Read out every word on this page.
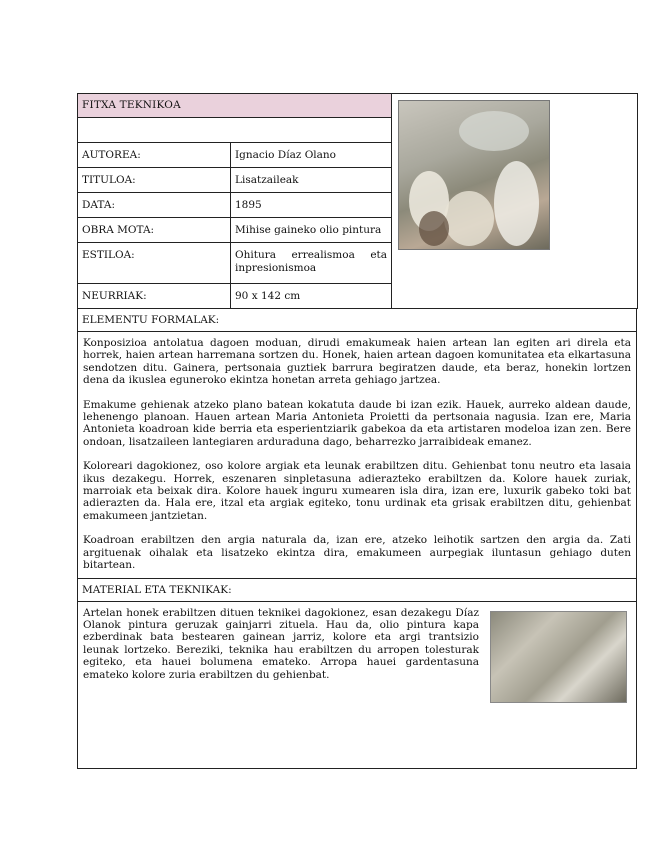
FITXA TEKNIKOA		

AUTOREA:	Ignacio Díaz Olano	
TITULOA:	Lisatzaileak	
DATA:	1895	
OBRA MOTA:	Mihise gaineko olio pintura	
ESTILOA:	Ohitura errealismoa eta inpresionismoa	
NEURRIAK:	90 x 142 cm	
ELEMENTU FORMALAK:

Konposizioa antolatua dagoen moduan, dirudi emakumeak haien artean lan egiten ari direla eta horrek, haien artean harremana sortzen du. Honek, haien artean dagoen komunitatea eta elkartasuna sendotzen ditu. Gainera, pertsonaia guztiek barrura begiratzen daude, eta beraz, honekin lortzen dena da ikuslea eguneroko ekintza honetan arreta gehiago jartzea.

Emakume gehienak atzeko plano batean kokatuta daude bi izan ezik. Hauek, aurreko aldean daude, lehenengo planoan. Hauen artean Maria Antonieta Proietti da pertsonaia nagusia. Izan ere, Maria Antonieta koadroan kide berria eta esperientziarik gabekoa da eta artistaren modeloa izan zen. Bere ondoan, lisatzaileen lantegiaren arduraduna dago, beharrezko jarraibideak emanez.

Koloreari dagokionez, oso kolore argiak eta leunak erabiltzen ditu. Gehienbat tonu neutro eta lasaia ikus dezakegu. Horrek, eszenaren sinpletasuna adierazteko erabiltzen da. Kolore hauek zuriak, marroiak eta beixak dira. Kolore hauek inguru xumearen isla dira, izan ere, luxurik gabeko toki bat adierazten da. Hala ere, itzal eta argiak egiteko, tonu urdinak eta grisak erabiltzen ditu, gehienbat emakumeen jantzietan.

Koadroan erabiltzen den argia naturala da, izan ere, atzeko leihotik sartzen den argia da. Zati argituenak oihalak eta lisatzeko ekintza dira, emakumeen aurpegiak iluntasun gehiago duten bitartean.

MATERIAL ETA TEKNIKAK:
Artelan honek erabiltzen dituen teknikei dagokionez, esan dezakegu Díaz Olanok pintura geruzak gainjarri zituela. Hau da, olio pintura kapa ezberdinak bata bestearen gainean jarriz, kolore eta argi trantsizio leunak lortzeko. Bereziki, teknika hau erabiltzen du arropen tolesturak egiteko, eta hauei bolumena emateko. Arropa hauei gardentasuna emateko kolore zuria erabiltzen du gehienbat.
